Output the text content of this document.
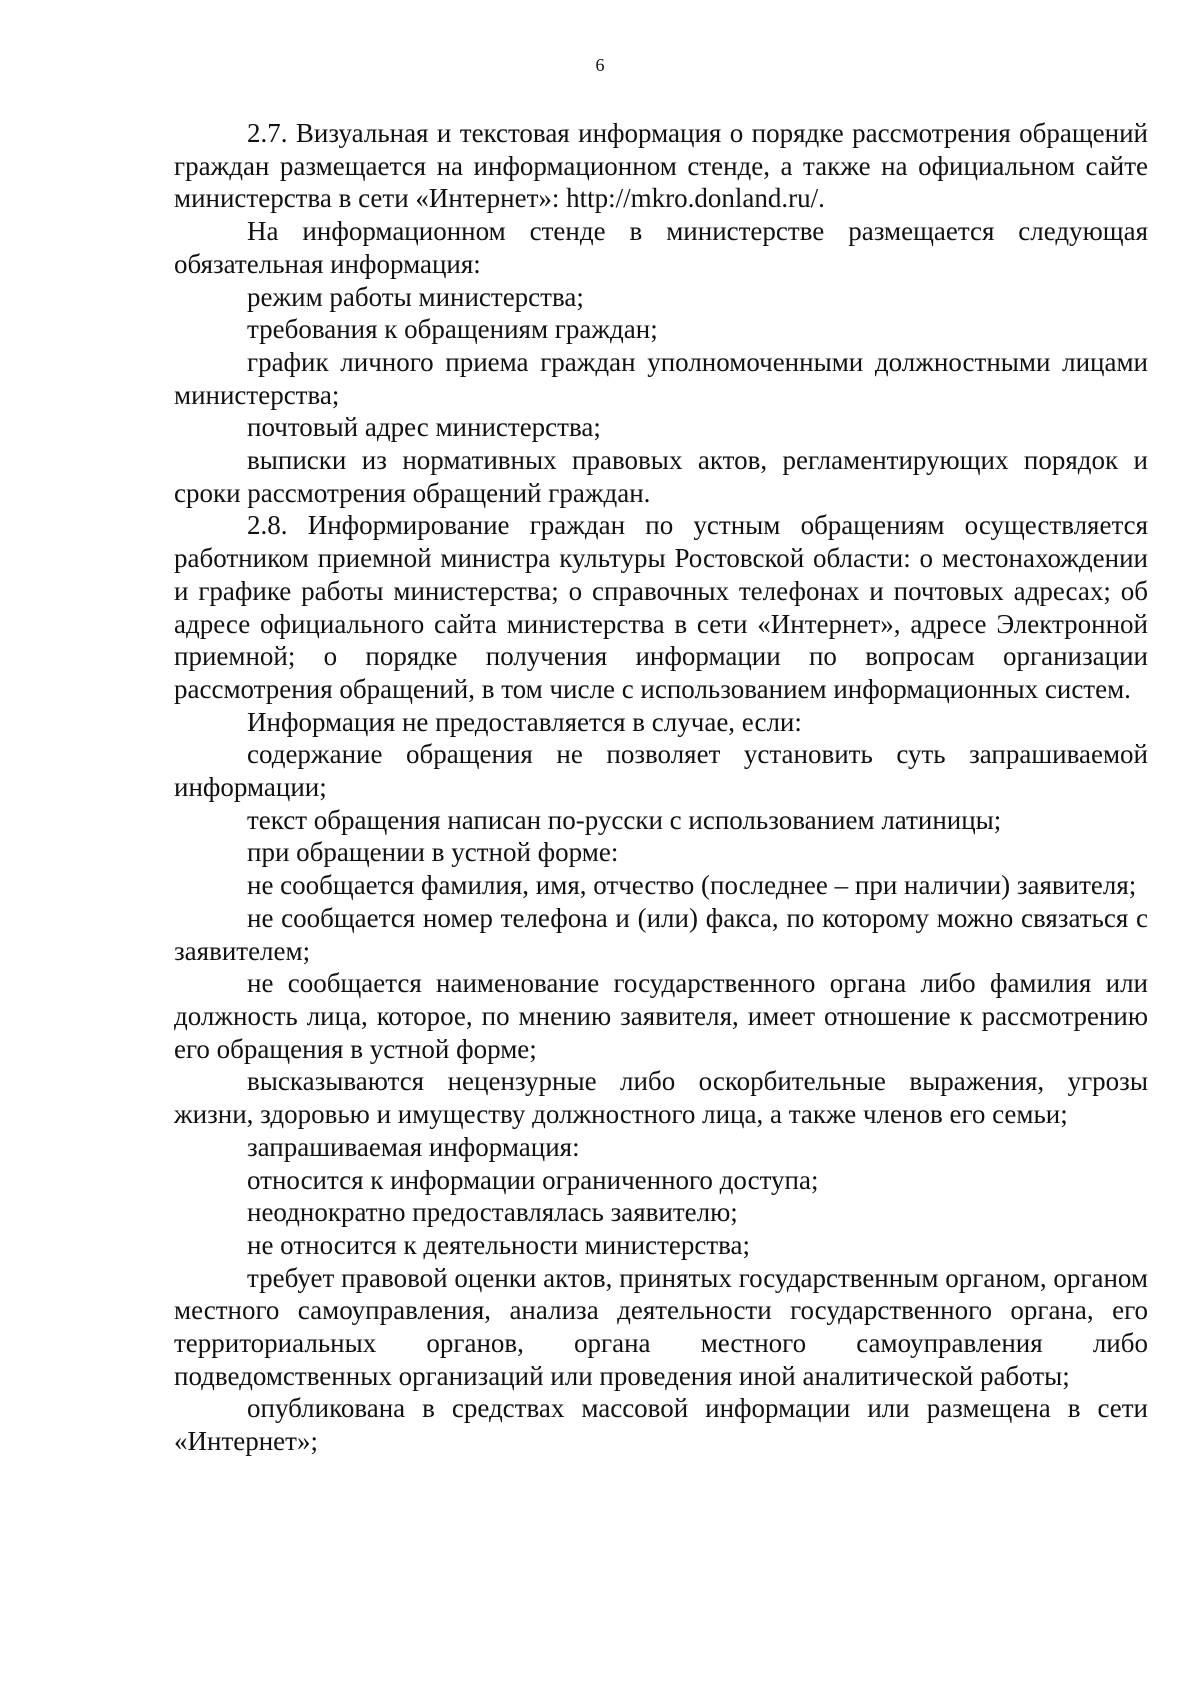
6

2.7. Визуальная и текстовая информация о порядке рассмотрения обращений граждан размещается на информационном стенде, а также на официальном сайте министерства в сети «Интернет»: http://mkro.donland.ru/.

На информационном стенде в министерстве размещается следующая обязательная информация:

режим работы министерства;

требования к обращениям граждан;

график личного приема граждан уполномоченными должностными лицами министерства;

почтовый адрес министерства;

выписки из нормативных правовых актов, регламентирующих порядок и сроки рассмотрения обращений граждан.

2.8. Информирование граждан по устным обращениям осуществляется работником приемной министра культуры Ростовской области: о местонахождении и графике работы министерства; о справочных телефонах и почтовых адресах; об адресе официального сайта министерства в сети «Интернет», адресе Электронной приемной; о порядке получения информации по вопросам организации рассмотрения обращений, в том числе с использованием информационных систем.

Информация не предоставляется в случае, если:

содержание обращения не позволяет установить суть запрашиваемой информации;

текст обращения написан по-русски с использованием латиницы;

при обращении в устной форме:

не сообщается фамилия, имя, отчество (последнее – при наличии) заявителя;

не сообщается номер телефона и (или) факса, по которому можно связаться с заявителем;

не сообщается наименование государственного органа либо фамилия или должность лица, которое, по мнению заявителя, имеет отношение к рассмотрению его обращения в устной форме;

высказываются нецензурные либо оскорбительные выражения, угрозы жизни, здоровью и имуществу должностного лица, а также членов его семьи;

запрашиваемая информация:

относится к информации ограниченного доступа;

неоднократно предоставлялась заявителю;

не относится к деятельности министерства;

требует правовой оценки актов, принятых государственным органом, органом местного самоуправления, анализа деятельности государственного органа, его территориальных органов, органа местного самоуправления либо подведомственных организаций или проведения иной аналитической работы;

опубликована в средствах массовой информации или размещена в сети «Интернет»;
